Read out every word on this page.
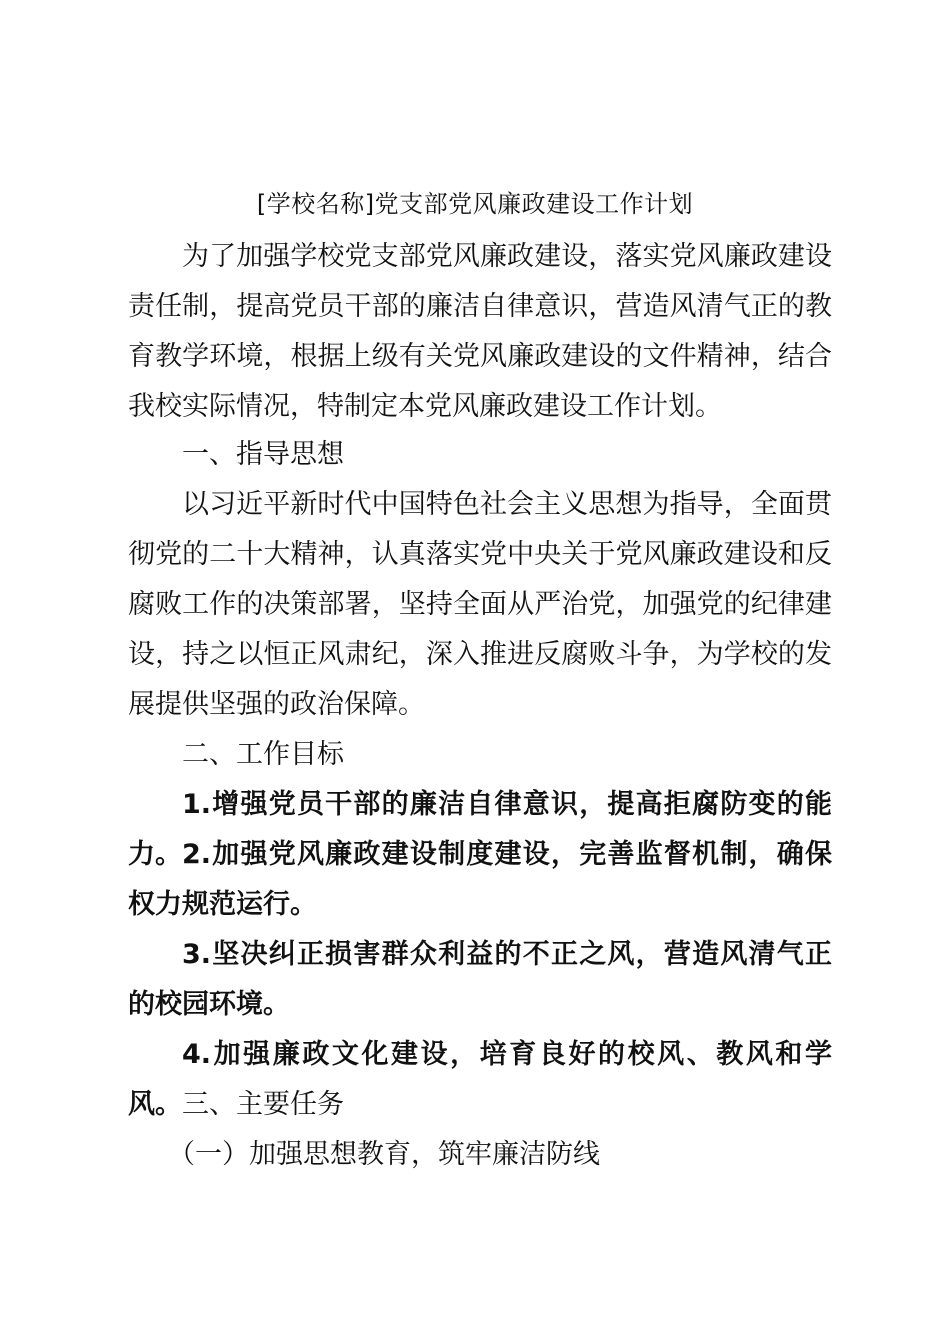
[学校名称]党支部党风廉政建设工作计划
为了加强学校党支部党风廉政建设，落实党风廉政建设责任制，提高党员干部的廉洁自律意识，营造风清气正的教育教学环境，根据上级有关党风廉政建设的文件精神，结合我校实际情况，特制定本党风廉政建设工作计划。
一、指导思想
以习近平新时代中国特色社会主义思想为指导，全面贯彻党的二十大精神，认真落实党中央关于党风廉政建设和反腐败工作的决策部署，坚持全面从严治党，加强党的纪律建设，持之以恒正风肃纪，深入推进反腐败斗争，为学校的发展提供坚强的政治保障。
二、工作目标
1.增强党员干部的廉洁自律意识，提高拒腐防变的能力。 2.加强党风廉政建设制度建设，完善监督机制，确保权力规范运行。
3.坚决纠正损害群众利益的不正之风，营造风清气正的校园环境。
4.加强廉政文化建设，培育良好的校风、教风和学风。 三、主要任务
（一）加强思想教育，筑牢廉洁防线
